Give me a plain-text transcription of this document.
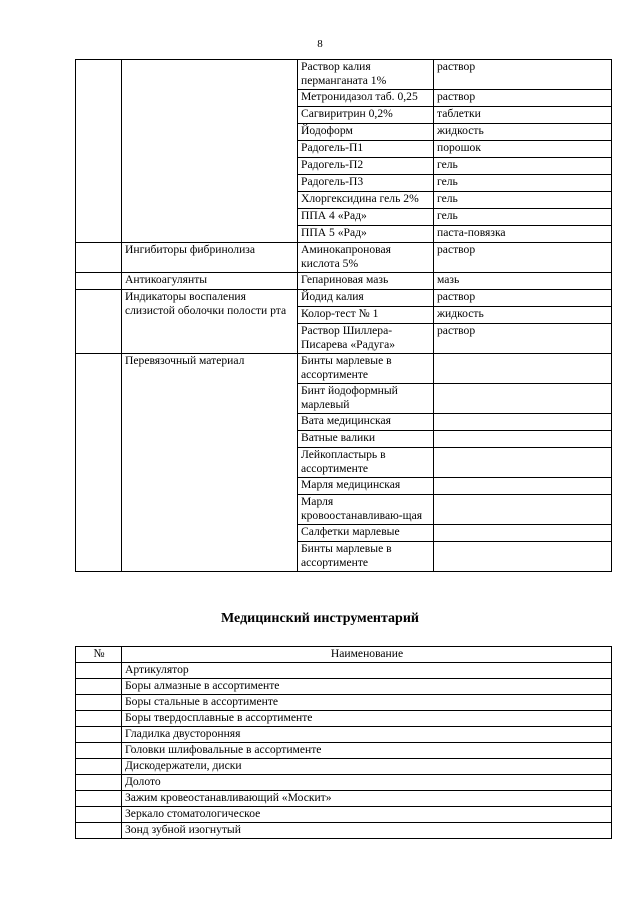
8
		Раствор калия перманганата 1%	раствор
		Метронидазол таб. 0,25	раствор
		Сагвиритрин 0,2%	таблетки
		Йодоформ	жидкость
		Радогель-П1	порошок
		Радогель-П2	гель
		Радогель-П3	гель
		Хлоргексидина гель 2%	гель
		ППА 4 «Рад»	гель
		ППА 5 «Рад»	паста-повязка
	Ингибиторы фибринолиза	Аминокапроновая кислота 5%	раствор
	Антикоагулянты	Гепариновая мазь	мазь
	Индикаторы воспаления слизистой оболочки полости рта	Йодид калия	раствор
		Колор-тест № 1	жидкость
		Раствор Шиллера-Писарева «Радуга»	раствор
	Перевязочный материал	Бинты марлевые в ассортименте	
		Бинт йодоформный марлевый	
		Вата медицинская	
		Ватные валики	
		Лейкопластырь в ассортименте	
		Марля медицинская	
		Марля кровоостанавливаю-щая	
		Салфетки марлевые	
		Бинты марлевые в ассортименте	
Медицинский инструментарий
№	Наименование
	Артикулятор
	Боры алмазные в ассортименте
	Боры стальные в ассортименте
	Боры твердосплавные в ассортименте
	Гладилка двусторонняя
	Головки шлифовальные в ассортименте
	Дискодержатели, диски
	Долото
	Зажим кровеостанавливающий «Москит»
	Зеркало стоматологическое
	Зонд зубной изогнутый
